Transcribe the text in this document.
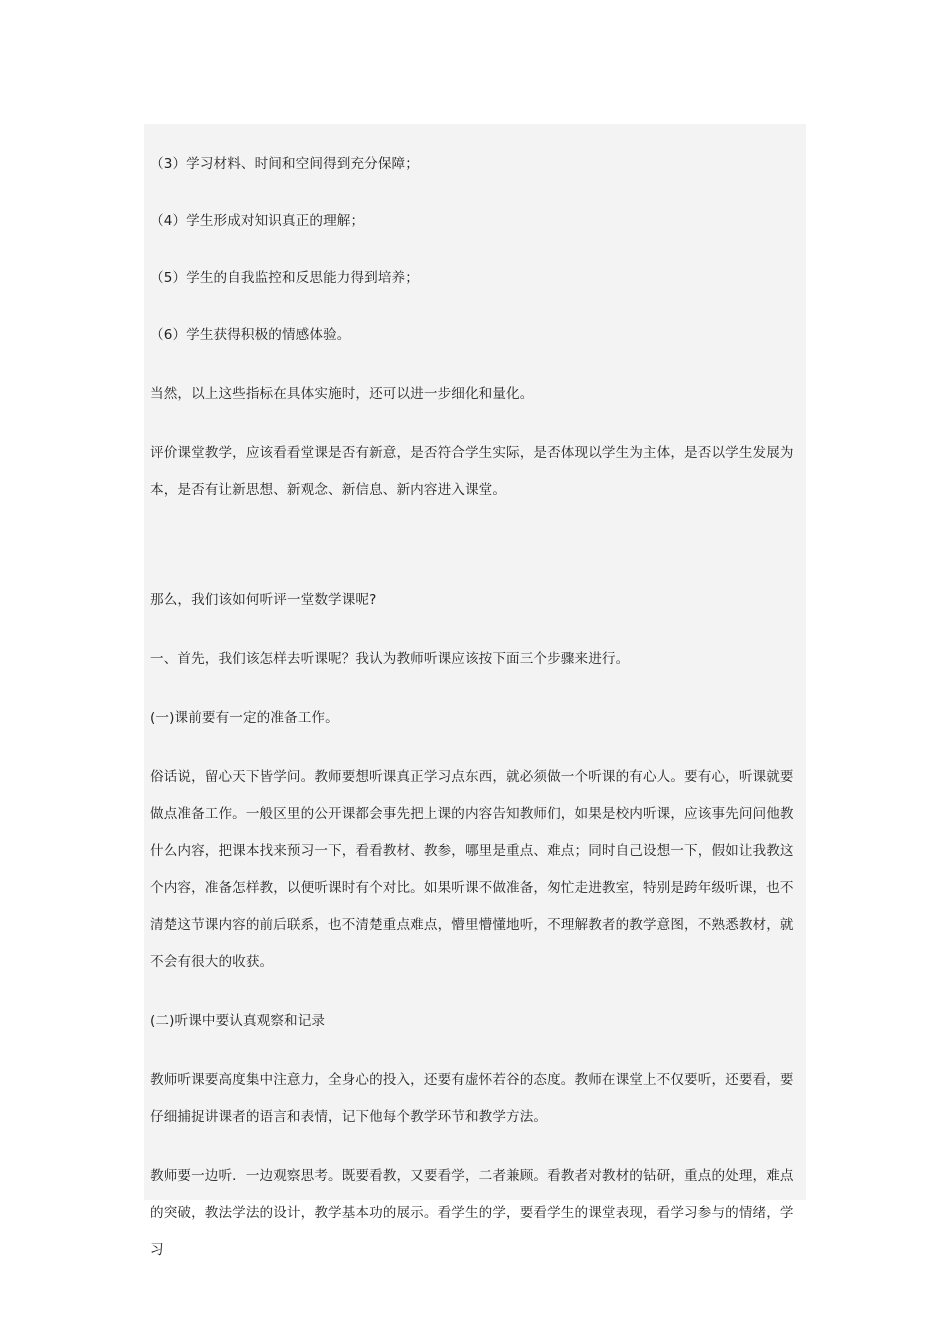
（3）学习材料、时间和空间得到充分保障；

（4）学生形成对知识真正的理解；

（5）学生的自我监控和反思能力得到培养；

（6）学生获得积极的情感体验。

当然，以上这些指标在具体实施时，还可以进一步细化和量化。

评价课堂教学，应该看看堂课是否有新意，是否符合学生实际，是否体现以学生为主体，是否以学生发展为本，是否有让新思想、新观念、新信息、新内容进入课堂。

那么，我们该如何听评一堂数学课呢?

一、首先，我们该怎样去听课呢？我认为教师听课应该按下面三个步骤来进行。

(一)课前要有一定的准备工作。

俗话说，留心天下皆学问。教师要想听课真正学习点东西，就必须做一个听课的有心人。要有心，听课就要做点准备工作。一般区里的公开课都会事先把上课的内容告知教师们，如果是校内听课，应该事先问问他教什么内容，把课本找来预习一下，看看教材、教参，哪里是重点、难点；同时自己设想一下，假如让我教这个内容，准备怎样教，以便听课时有个对比。如果听课不做准备，匆忙走进教室，特别是跨年级听课，也不清楚这节课内容的前后联系，也不清楚重点难点，懵里懵懂地听，不理解教者的教学意图，不熟悉教材，就不会有很大的收获。

(二)听课中要认真观察和记录

教师听课要高度集中注意力，全身心的投入，还要有虚怀若谷的态度。教师在课堂上不仅要听，还要看，要仔细捕捉讲课者的语言和表情，记下他每个教学环节和教学方法。

教师要一边听．一边观察思考。既要看教，又要看学，二者兼顾。看教者对教材的钻研，重点的处理，难点的突破，教法学法的设计，教学基本功的展示。看学生的学，要看学生的课堂表现，看学习参与的情绪，学习
